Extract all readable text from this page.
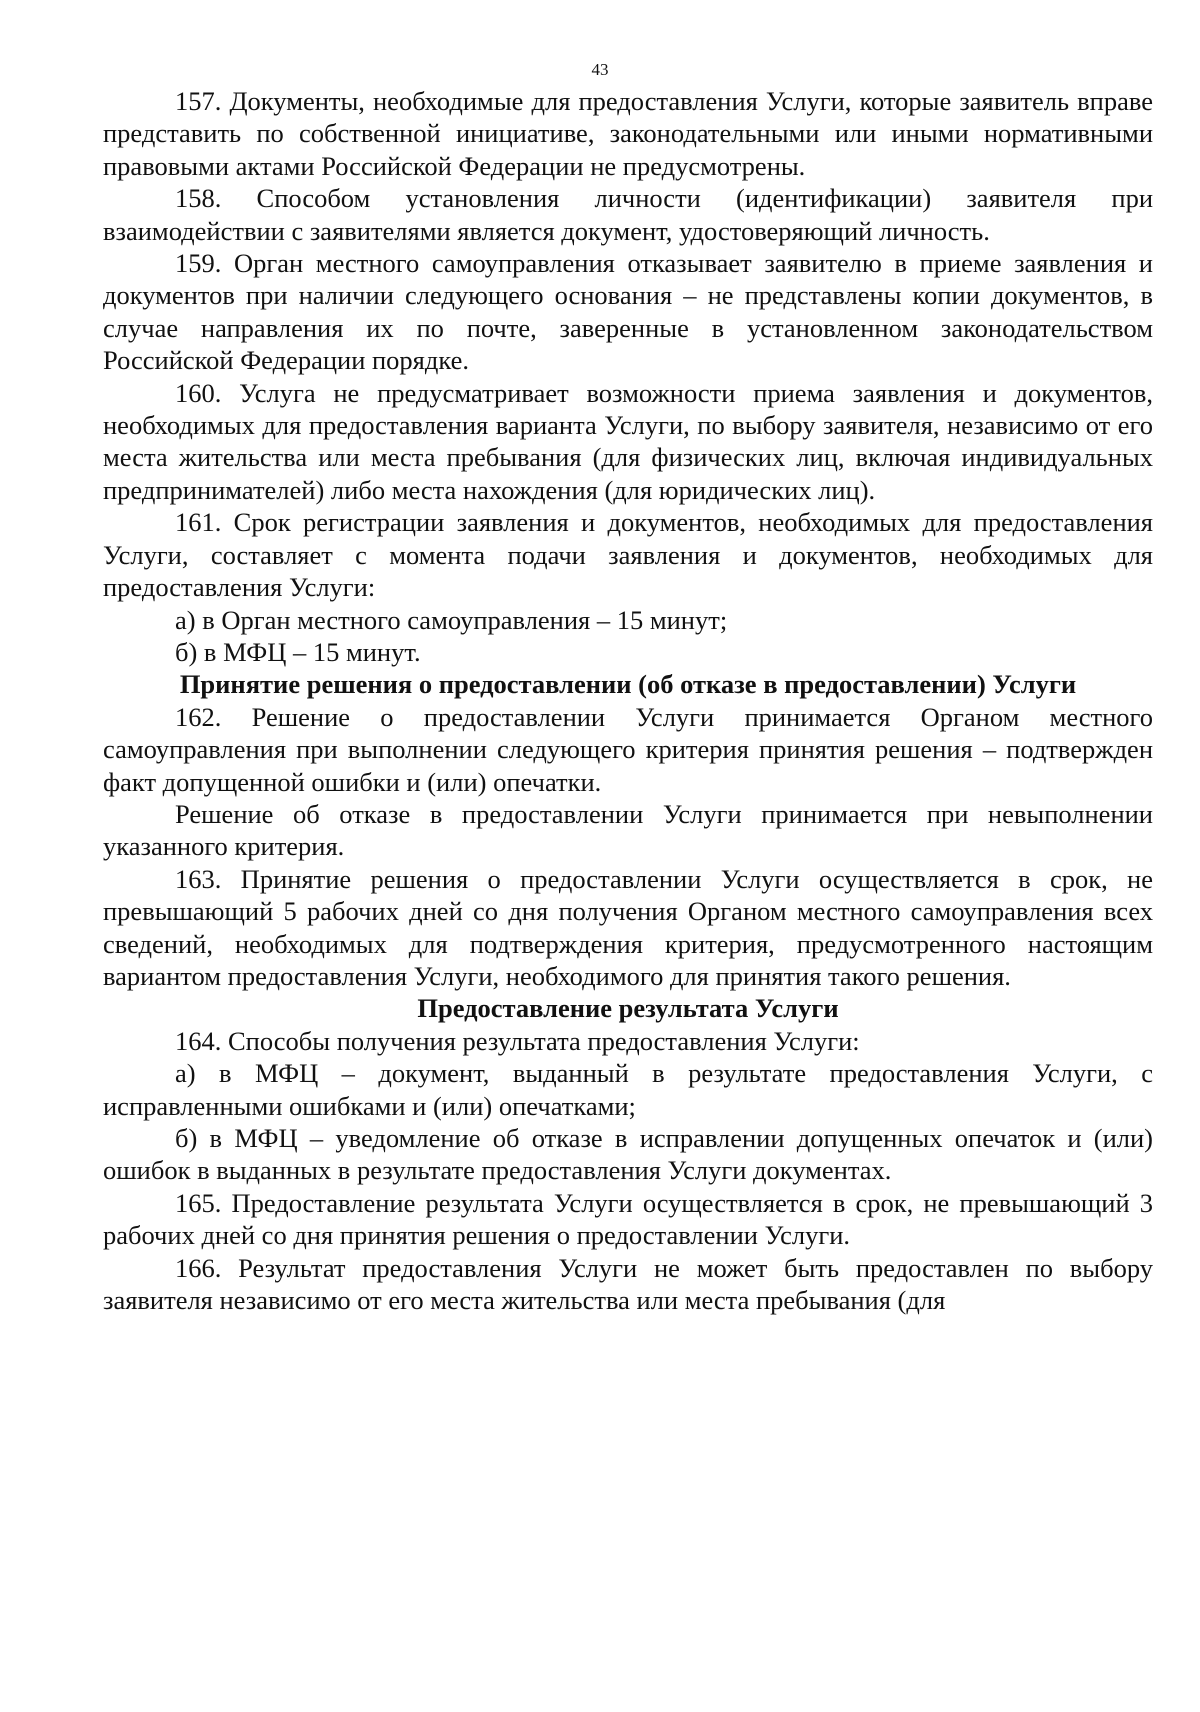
43

157. Документы, необходимые для предоставления Услуги, которые заявитель вправе представить по собственной инициативе, законодательными или иными нормативными правовыми актами Российской Федерации не предусмотрены.

158. Способом установления личности (идентификации) заявителя при взаимодействии с заявителями является документ, удостоверяющий личность.

159. Орган местного самоуправления отказывает заявителю в приеме заявления и документов при наличии следующего основания – не представлены копии документов, в случае направления их по почте, заверенные в установленном законодательством Российской Федерации порядке.

160. Услуга не предусматривает возможности приема заявления и документов, необходимых для предоставления варианта Услуги, по выбору заявителя, независимо от его места жительства или места пребывания (для физических лиц, включая индивидуальных предпринимателей) либо места нахождения (для юридических лиц).

161. Срок регистрации заявления и документов, необходимых для предоставления Услуги, составляет с момента подачи заявления и документов, необходимых для предоставления Услуги:

а) в Орган местного самоуправления – 15 минут;

б) в МФЦ – 15 минут.

Принятие решения о предоставлении (об отказе в предоставлении) Услуги

162. Решение о предоставлении Услуги принимается Органом местного самоуправления при выполнении следующего критерия принятия решения – подтвержден факт допущенной ошибки и (или) опечатки.

Решение об отказе в предоставлении Услуги принимается при невыполнении указанного критерия.

163. Принятие решения о предоставлении Услуги осуществляется в срок, не превышающий 5 рабочих дней со дня получения Органом местного самоуправления всех сведений, необходимых для подтверждения критерия, предусмотренного настоящим вариантом предоставления Услуги, необходимого для принятия такого решения.

Предоставление результата Услуги

164. Способы получения результата предоставления Услуги:

а) в МФЦ – документ, выданный в результате предоставления Услуги, с исправленными ошибками и (или) опечатками;

б) в МФЦ – уведомление об отказе в исправлении допущенных опечаток и (или) ошибок в выданных в результате предоставления Услуги документах.

165. Предоставление результата Услуги осуществляется в срок, не превышающий 3 рабочих дней со дня принятия решения о предоставлении Услуги.

166. Результат предоставления Услуги не может быть предоставлен по выбору заявителя независимо от его места жительства или места пребывания (для
